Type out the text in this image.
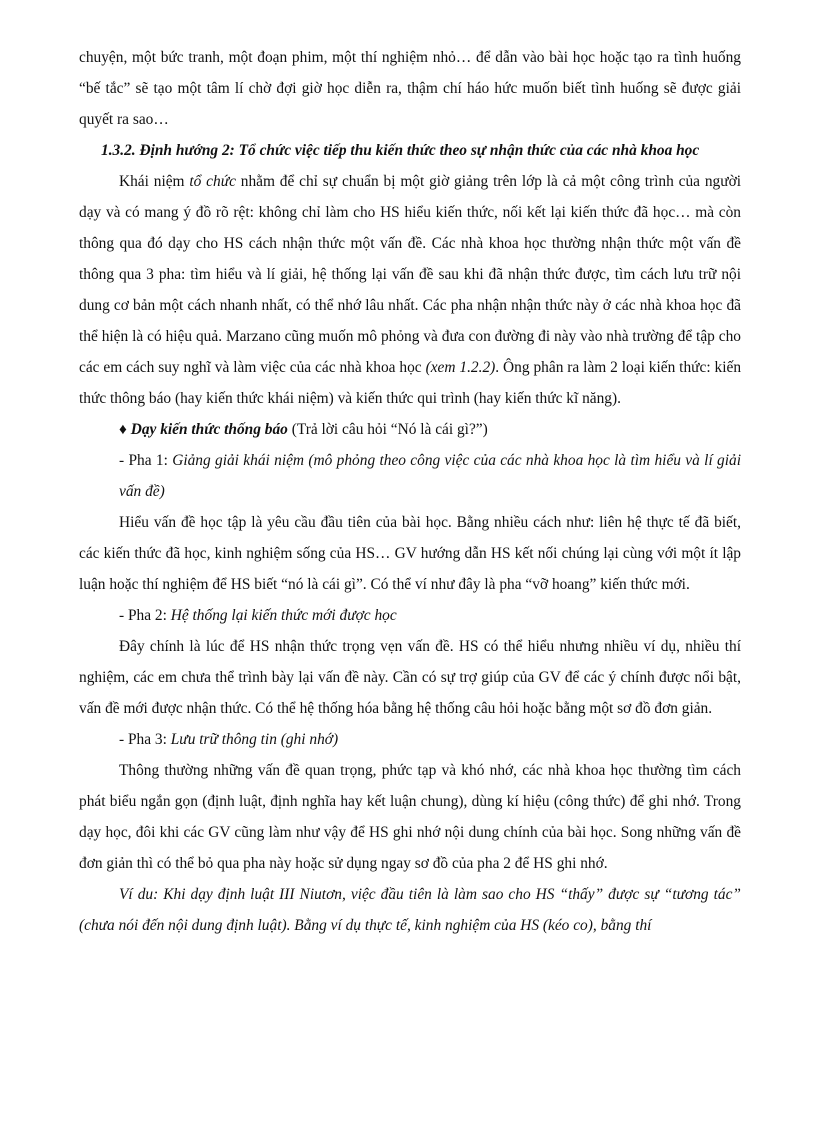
chuyện, một bức tranh, một đoạn phim, một thí nghiệm nhỏ… để dẫn vào bài học hoặc tạo ra tình huống “bế tắc” sẽ tạo một tâm lí chờ đợi giờ học diễn ra, thậm chí háo hức muốn biết tình huống sẽ được giải quyết ra sao…

1.3.2. Định hướng 2: Tổ chức việc tiếp thu kiến thức theo sự nhận thức của các nhà khoa học

Khái niệm tổ chức nhằm để chỉ sự chuẩn bị một giờ giảng trên lớp là cả một công trình của người dạy và có mang ý đồ rõ rệt: không chỉ làm cho HS hiểu kiến thức, nối kết lại kiến thức đã học… mà còn thông qua đó dạy cho HS cách nhận thức một vấn đề. Các nhà khoa học thường nhận thức một vấn đề thông qua 3 pha: tìm hiểu và lí giải, hệ thống lại vấn đề sau khi đã nhận thức được, tìm cách lưu trữ nội dung cơ bản một cách nhanh nhất, có thể nhớ lâu nhất. Các pha nhận nhận thức này ở các nhà khoa học đã thể hiện là có hiệu quả. Marzano cũng muốn mô phỏng và đưa con đường đi này vào nhà trường để tập cho các em cách suy nghĩ và làm việc của các nhà khoa học (xem 1.2.2). Ông phân ra làm 2 loại kiến thức: kiến thức thông báo (hay kiến thức khái niệm) và kiến thức qui trình (hay kiến thức kĩ năng).

♦ Dạy kiến thức thống báo (Trả lời câu hỏi “Nó là cái gì?”)

- Pha 1: Giảng giải khái niệm (mô phỏng theo công việc của các nhà khoa học là tìm hiểu và lí giải vấn đề)

Hiểu vấn đề học tập là yêu cầu đầu tiên của bài học. Bằng nhiều cách như: liên hệ thực tế đã biết, các kiến thức đã học, kinh nghiệm sống của HS… GV hướng dẫn HS kết nối chúng lại cùng với một ít lập luận hoặc thí nghiệm để HS biết “nó là cái gì”. Có thể ví như đây là pha “vỡ hoang” kiến thức mới.

- Pha 2: Hệ thống lại kiến thức mới được học

Đây chính là lúc để HS nhận thức trọng vẹn vấn đề. HS có thể hiểu nhưng nhiều ví dụ, nhiều thí nghiệm, các em chưa thể trình bày lại vấn đề này. Cần có sự trợ giúp của GV để các ý chính được nổi bật, vấn đề mới được nhận thức. Có thể hệ thống hóa bằng hệ thống câu hỏi hoặc bằng một sơ đồ đơn giản.

- Pha 3: Lưu trữ thông tin (ghi nhớ)

Thông thường những vấn đề quan trọng, phức tạp và khó nhớ, các nhà khoa học thường tìm cách phát biểu ngắn gọn (định luật, định nghĩa hay kết luận chung), dùng kí hiệu (công thức) để ghi nhớ. Trong dạy học, đôi khi các GV cũng làm như vậy để HS ghi nhớ nội dung chính của bài học. Song những vấn đề đơn giản thì có thể bỏ qua pha này hoặc sử dụng ngay sơ đồ của pha 2 để HS ghi nhớ.

Ví du: Khi dạy định luật III Niutơn, việc đầu tiên là làm sao cho HS “thấy” được sự “tương tác” (chưa nói đến nội dung định luật). Bằng ví dụ thực tế, kinh nghiệm của HS (kéo co), bằng thí
